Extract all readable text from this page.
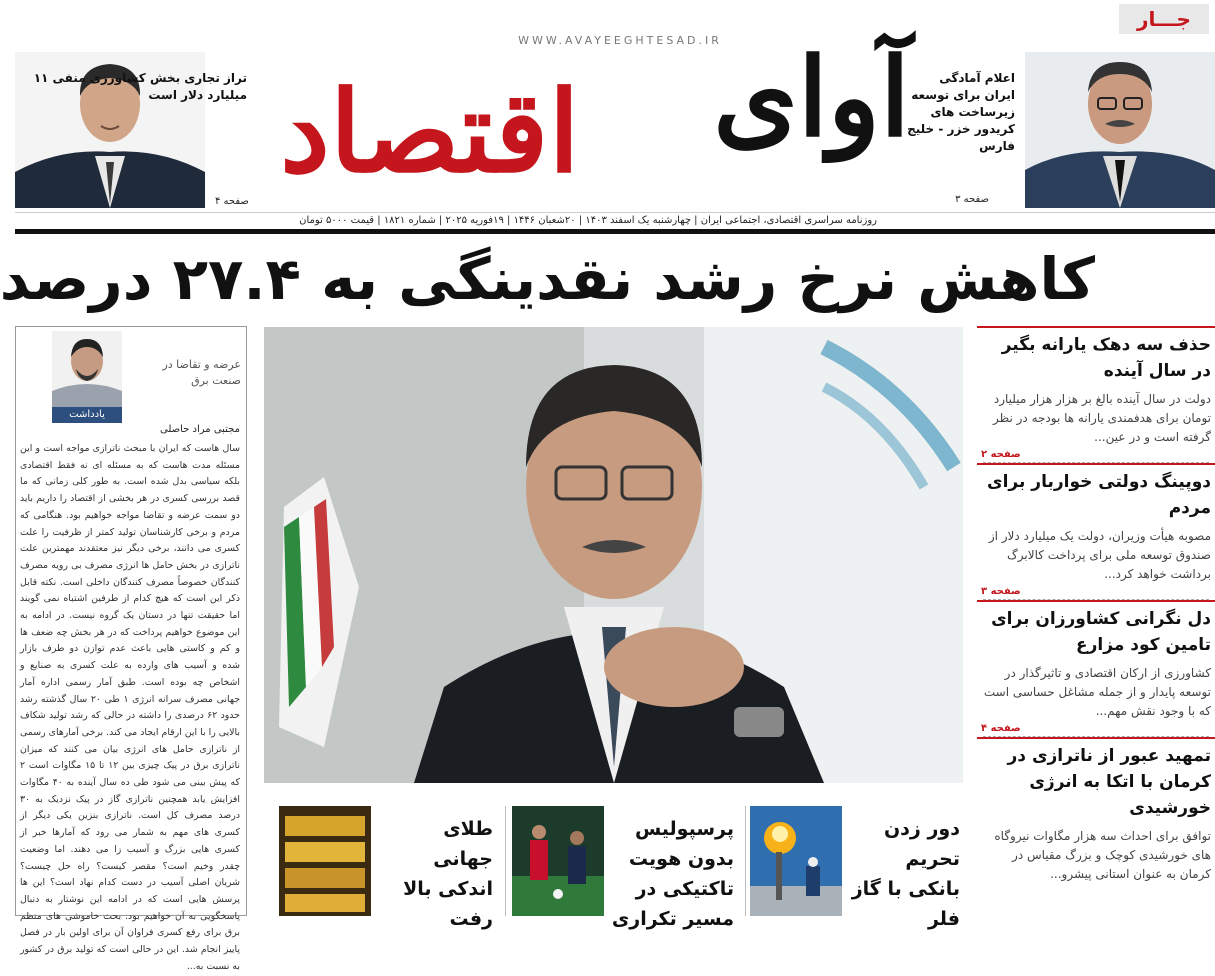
جـــار
WWW.AVAYEEGHTESAD.IR
آوای
اقتصاد	اعلام آمادگی ایران برای توسعه زیرساخت های کریدور خزر - خلیج فارس
صفحه ۳
تراز تجاری بخش کشاورزی منفی ۱۱ میلیارد دلار است
صفحه ۴
روزنامه سراسری اقتصادی، اجتماعی ایران | چهارشنبه یک اسفند ۱۴۰۳ | ۲۰شعبان ۱۴۴۶ | ۱۹فوریه ۲۰۲۵ | شماره ۱۸۲۱ | قیمت ۵۰۰۰ تومان
کاهش نرخ رشد نقدینگی به ۲۷.۴ درصد
حذف سه دهک یارانه بگیر در سال آینده

دولت در سال آینده بالغ بر هزار هزار میلیارد تومان برای هدفمندی یارانه ها بودجه در نظر گرفته است و در عین...

صفحه ۲
دوپینگ دولتی خواربار برای مردم

مصوبه هیأت وزیران، دولت یک میلیارد دلار از صندوق توسعه ملی برای پرداخت کالابرگ برداشت خواهد کرد...

صفحه ۳
دل نگرانی کشاورزان برای تامین کود مزارع

کشاورزی از ارکان اقتصادی و تاثیرگذار در توسعه پایدار و از جمله مشاغل حساسی است که با وجود نقش مهم...

صفحه ۴
تمهید عبور از ناترازی در کرمان با اتکا به انرژی خورشیدی

توافق برای احداث سه هزار مگاوات نیروگاه های خورشیدی کوچک و بزرگ مقیاس در کرمان به عنوان استانی پیشرو...

دور زدن تحریم بانکی با گاز فلر
پرسپولیس بدون هویت تاکتیکی در مسیر تکراری
طلای جهانی اندکی بالا رفت
یادداشت
عرضه و تقاضا در صنعت برق
مجتبی مراد حاصلی
سال هاست که ایران با مبحث ناترازی مواجه است و این مسئله مدت هاست که به مسئله ای نه فقط اقتصادی بلکه سیاسی بدل شده است. به طور کلی زمانی که ما قصد بررسی کسری در هر بخشی از اقتصاد را داریم باید دو سمت عرضه و تقاضا مواجه خواهیم بود. هنگامی که مردم و برخی کارشناسان تولید کمتر از ظرفیت را علت کسری می دانند، برخی دیگر نیز معتقدند مهمترین علت ناترازی در بخش حامل ها انرژی مصرف بی رویه مصرف کنندگان خصوصاً مصرف کنندگان داخلی است. نکته قابل ذکر این است که هیچ کدام از طرفین اشتباه نمی گویند اما حقیقت تنها در دستان یک گروه نیست. در ادامه به این موضوع خواهیم پرداخت که در هر بخش چه ضعف ها و کم و کاستی هایی باعث عدم توازن دو طرف بازار شده و آسیب های وارده به علت کسری به صنایع و اشخاص چه بوده است. طبق آمار رسمی اداره آمار جهانی مصرف سرانه انرژی ۱ طی ۲۰ سال گذشته رشد حدود ۶۲ درصدی را داشته در حالی که رشد تولید شکاف بالایی را با این ارقام ایجاد می کند. برخی آمارهای رسمی از ناترازی حامل های انرژی بیان می کنند که میزان ناترازی برق در پیک چیزی بین ۱۲ تا ۱۵ مگاوات است ۲ که پیش بینی می شود طی ده سال آینده به ۴۰ مگاوات افزایش یابد همچنین ناترازی گاز در پیک نزدیک به ۳۰ درصد مصرف کل است. ناترازی بنزین یکی دیگر از کسری های مهم به شمار می رود که آمارها خبر از کسری هایی بزرگ و آسیب زا می دهند. اما وضعیت چقدر وخیم است؟ مقصر کیست؟ راه حل چیست؟ شریان اصلی آسیب در دست کدام نهاد است؟ این ها پرسش هایی است که در ادامه این نوشتار به دنبال پاسخگویی به آن خواهیم بود. بحث خاموشی های منظم برق برای رفع کسری فراوان آن برای اولین بار در فصل پاییز انجام شد. این در حالی است که تولید برق در کشور به نسبت به...
